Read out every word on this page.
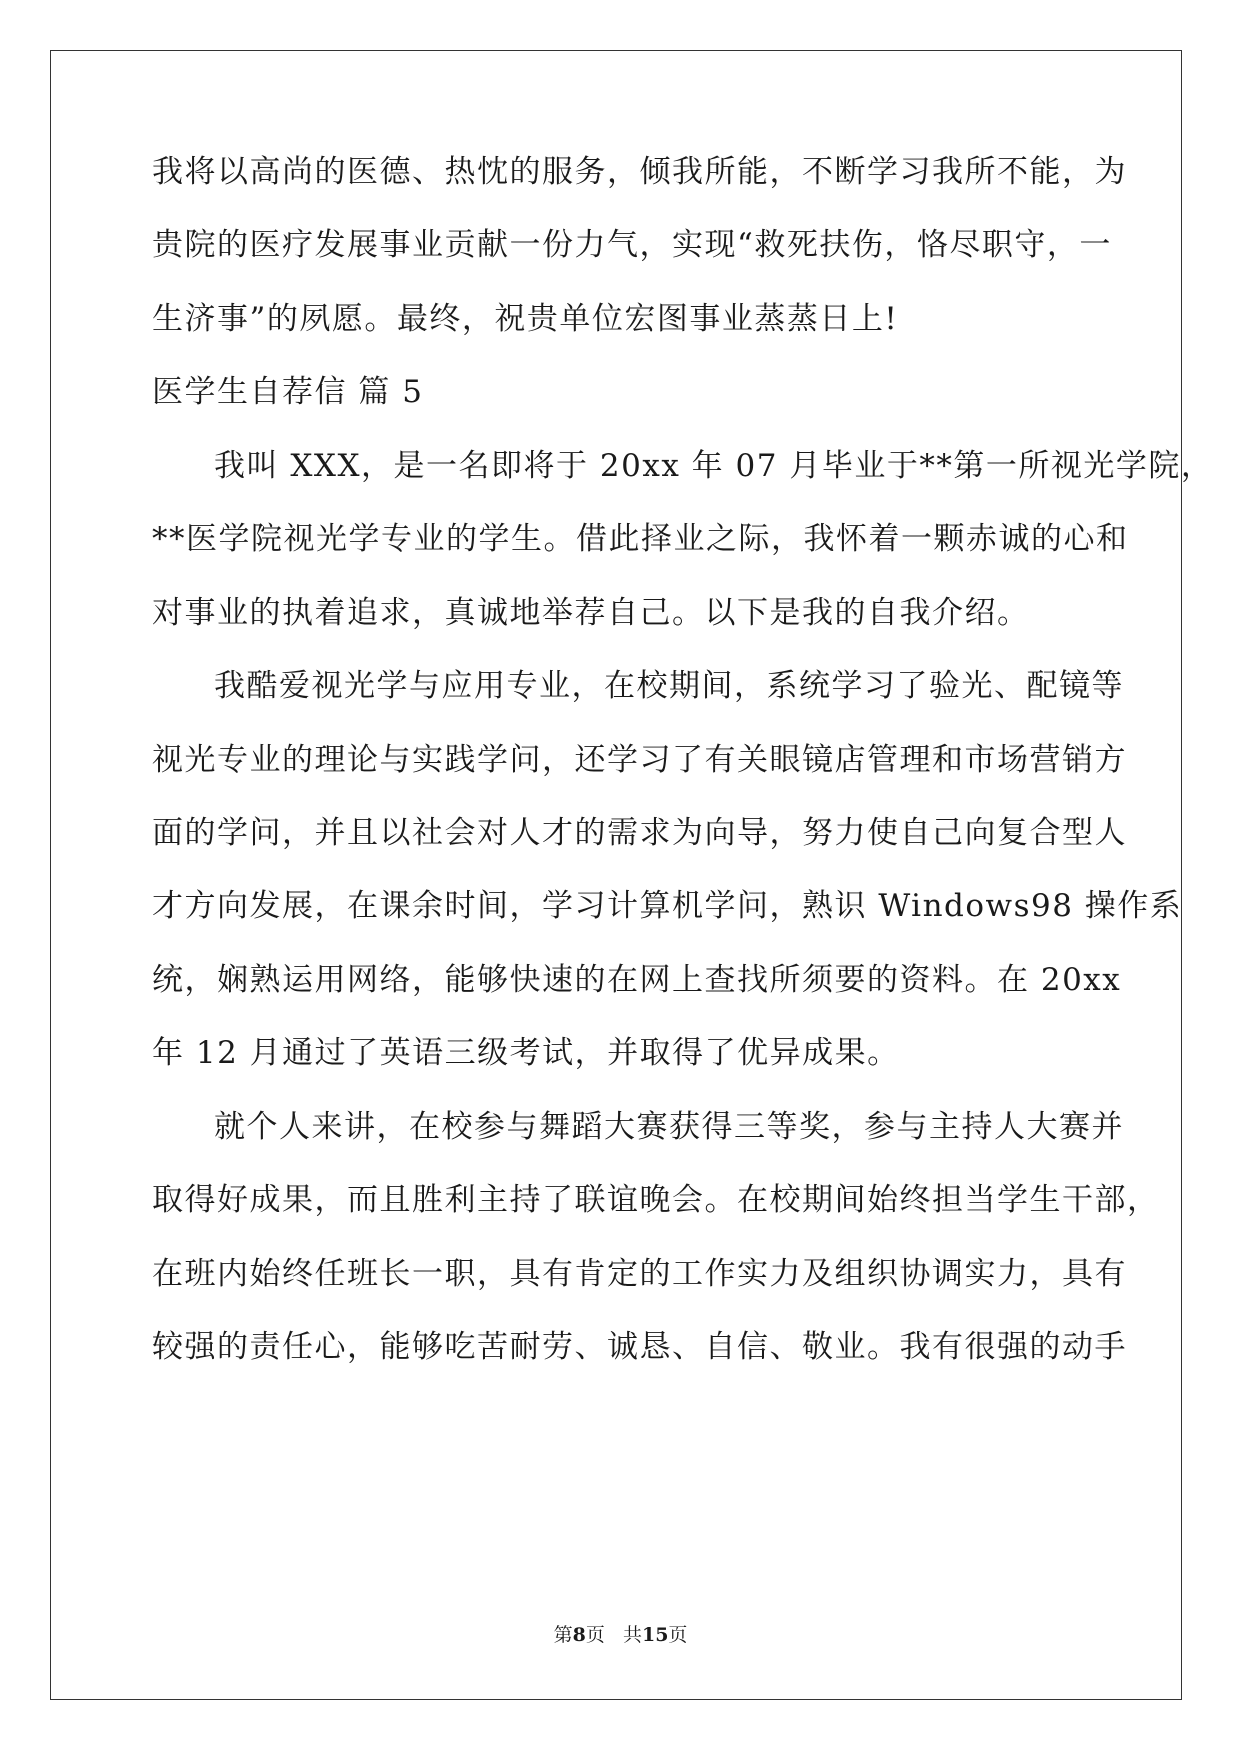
我将以高尚的医德、热忱的服务，倾我所能，不断学习我所不能，为
贵院的医疗发展事业贡献一份力气，实现“救死扶伤，恪尽职守，一
生济事”的夙愿。最终，祝贵单位宏图事业蒸蒸日上!
医学生自荐信 篇 5
我叫 XXX，是一名即将于 20xx 年 07 月毕业于**第一所视光学院，
**医学院视光学专业的学生。借此择业之际，我怀着一颗赤诚的心和
对事业的执着追求，真诚地举荐自己。以下是我的自我介绍。
我酷爱视光学与应用专业，在校期间，系统学习了验光、配镜等
视光专业的理论与实践学问，还学习了有关眼镜店管理和市场营销方
面的学问，并且以社会对人才的需求为向导，努力使自己向复合型人
才方向发展，在课余时间，学习计算机学问，熟识 Windows98 操作系
统，娴熟运用网络，能够快速的在网上查找所须要的资料。在 20xx
年 12 月通过了英语三级考试，并取得了优异成果。
就个人来讲，在校参与舞蹈大赛获得三等奖，参与主持人大赛并
取得好成果，而且胜利主持了联谊晚会。在校期间始终担当学生干部，
在班内始终任班长一职，具有肯定的工作实力及组织协调实力，具有
较强的责任心，能够吃苦耐劳、诚恳、自信、敬业。我有很强的动手
第8页 共15页
